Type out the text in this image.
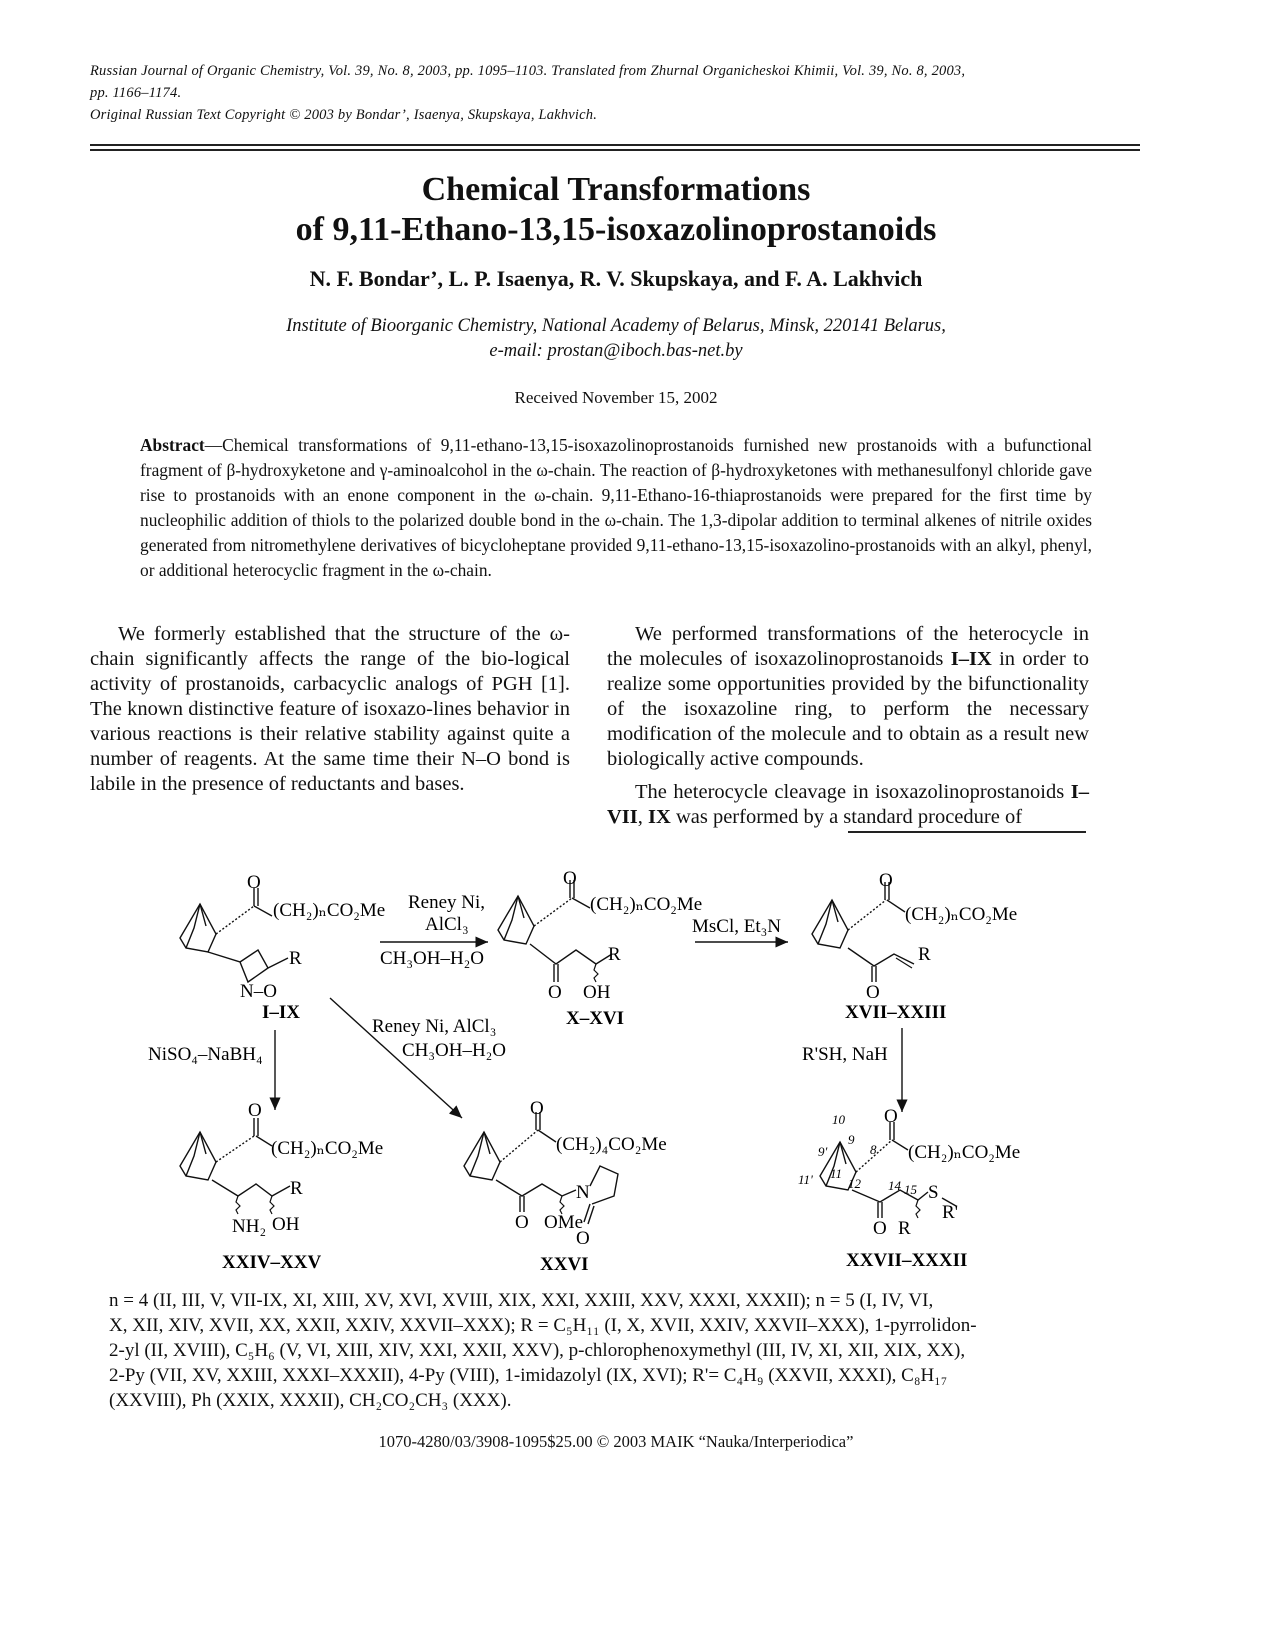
Russian Journal of Organic Chemistry, Vol. 39, No. 8, 2003, pp. 1095–1103. Translated from Zhurnal Organicheskoi Khimii, Vol. 39, No. 8, 2003,
pp. 1166–1174.
Original Russian Text Copyright © 2003 by Bondar’, Isaenya, Skupskaya, Lakhvich.
Chemical Transformations
of 9,11-Ethano-13,15-isoxazolinoprostanoids
N. F. Bondar’, L. P. Isaenya, R. V. Skupskaya, and F. A. Lakhvich
Institute of Bioorganic Chemistry, National Academy of Belarus, Minsk, 220141 Belarus,
e-mail: prostan@iboch.bas-net.by
Received November 15, 2002
Abstract—Chemical transformations of 9,11-ethano-13,15-isoxazolinoprostanoids furnished new prostanoids with a bufunctional fragment of β-hydroxyketone and γ-aminoalcohol in the ω-chain. The reaction of β-hydroxyketones with methanesulfonyl chloride gave rise to prostanoids with an enone component in the ω-chain. 9,11-Ethano-16-thiaprostanoids were prepared for the first time by nucleophilic addition of thiols to the polarized double bond in the ω-chain. The 1,3-dipolar addition to terminal alkenes of nitrile oxides generated from nitromethylene derivatives of bicycloheptane provided 9,11-ethano-13,15-isoxazolino-prostanoids with an alkyl, phenyl, or additional heterocyclic fragment in the ω-chain.

We formerly established that the structure of the ω-chain significantly affects the range of the bio-logical activity of prostanoids, carbacyclic analogs of PGH [1]. The known distinctive feature of isoxazo-lines behavior in various reactions is their relative stability against quite a number of reagents. At the same time their N–O bond is labile in the presence of reductants and bases.

We performed transformations of the heterocycle in the molecules of isoxazolinoprostanoids I–IX in order to realize some opportunities provided by the bifunctionality of the isoxazoline ring, to perform the necessary modification of the molecule and to obtain as a result new biologically active compounds.

The heterocycle cleavage in isoxazolinoprostanoids I–VII, IX was performed by a standard procedure of

O
(CH₂)ₙCO₂Me
R
N–O
I–IX
Reney Ni,
AlCl₃
CH₃OH–H₂O
O
(CH₂)ₙCO₂Me
R
O OH
X–XVI
MsCl, Et₃N
O
(CH₂)ₙCO₂Me
R
O
XVII–XXIII
NiSO₄–NaBH₄
Reney Ni, AlCl₃
CH₃OH–H₂O	R'SH, NaH
O
(CH₂)ₙCO₂Me
R
NH₂ OH
XXIV–XXV
O
(CH₂)₄CO₂Me
N
O OMe
O
XXVI
10
9
9'	8
11
11'	12 14 15
O
(CH₂)ₙCO₂Me
S
R'
O R
XXVII–XXXII
n = 4 (II, III, V, VII-IX, XI, XIII, XV, XVI, XVIII, XIX, XXI, XXIII, XXV, XXXI, XXXII); n = 5 (I, IV, VI,
X, XII, XIV, XVII, XX, XXII, XXIV, XXVII–XXX); R = C₅H₁₁ (I, X, XVII, XXIV, XXVII–XXX), 1-pyrrolidon-
2-yl (II, XVIII), C₅H₆ (V, VI, XIII, XIV, XXI, XXII, XXV), p-chlorophenoxymethyl (III, IV, XI, XII, XIX, XX),
2-Py (VII, XV, XXIII, XXXI–XXXII), 4-Py (VIII), 1-imidazolyl (IX, XVI); R'= C₄H₉ (XXVII, XXXI), C₈H₁₇
(XXVIII), Ph (XXIX, XXXII), CH₂CO₂CH₃ (XXX).
1070-4280/03/3908-1095$25.00 © 2003 MAIK “Nauka/Interperiodica”
